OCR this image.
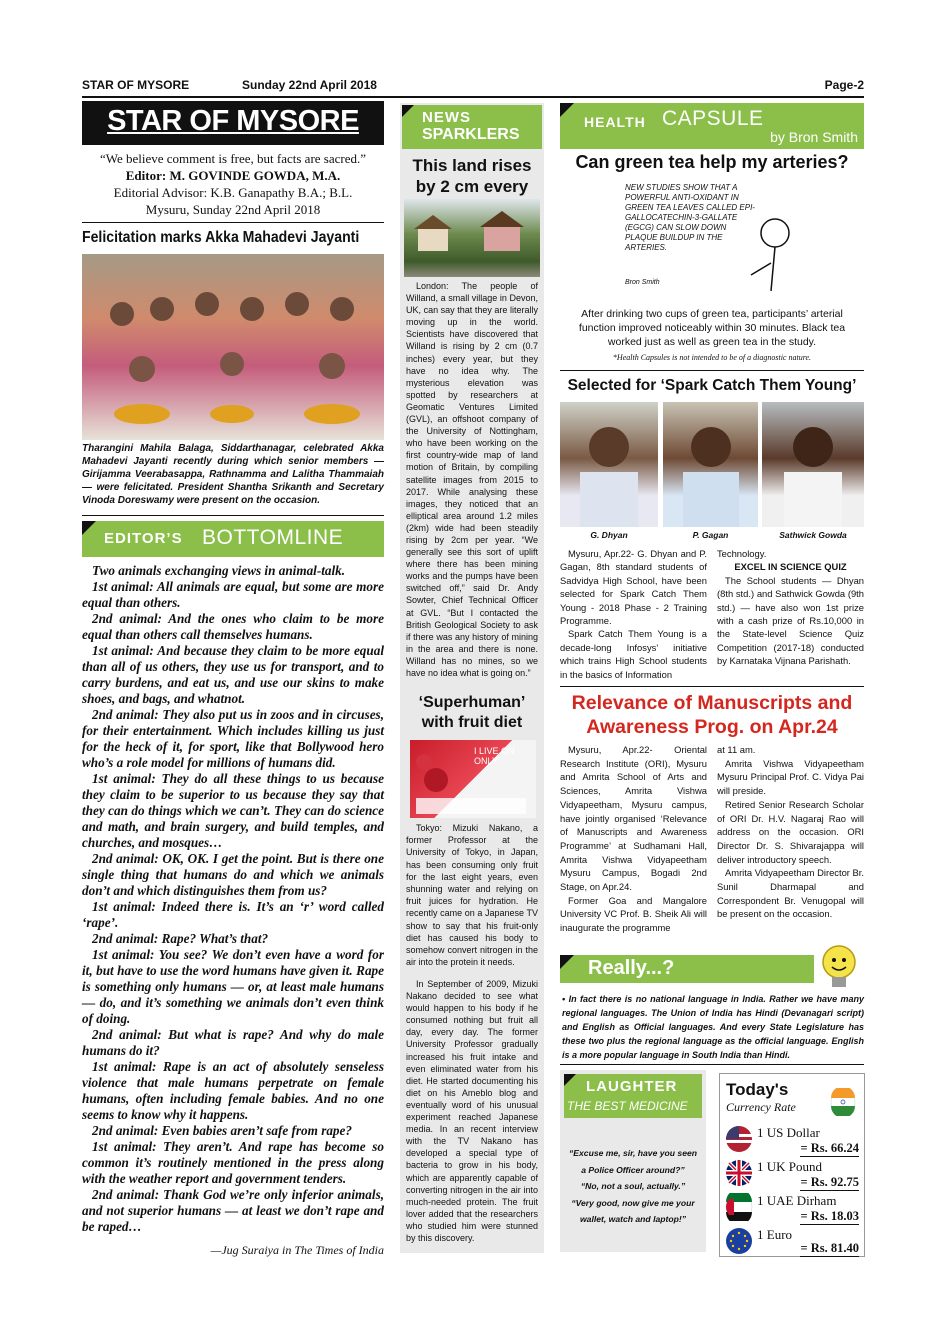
STAR OF MYSORE	Sunday 22nd April 2018	Page-2
STAR OF MYSORE

“We believe comment is free, but facts are sacred.”

Editor: M. GOVINDE GOWDA, M.A.

Editorial Advisor: K.B. Ganapathy B.A.; B.L.

Mysuru, Sunday 22nd April 2018

Felicitation marks Akka Mahadevi Jayanti
Tharangini Mahila Balaga, Siddarthanagar, celebrated Akka Mahadevi Jayanti recently during which senior members — Girijamma Veerabasappa, Rathnamma and Lalitha Thammaiah — were felicitated. President Shantha Srikanth and Secretary Vinoda Doreswamy were present on the occasion.
EDITOR’S BOTTOMLINE

Two animals exchanging views in animal-talk.

1st animal: All animals are equal, but some are more equal than others.

2nd animal: And the ones who claim to be more equal than others call themselves humans.

1st animal: And because they claim to be more equal than all of us others, they use us for transport, and to carry burdens, and eat us, and use our skins to make shoes, and bags, and whatnot.

2nd animal: They also put us in zoos and in circuses, for their entertainment. Which includes killing us just for the heck of it, for sport, like that Bollywood hero who’s a role model for millions of humans did.

1st animal: They do all these things to us because they claim to be superior to us because they say that they can do things which we can’t. They can do science and math, and brain surgery, and build temples, and churches, and mosques…

2nd animal: OK, OK. I get the point. But is there one single thing that humans do and which we animals don’t and which distinguishes them from us?

1st animal: Indeed there is. It’s an ‘r’ word called ‘rape’.

2nd animal: Rape? What’s that?

1st animal: You see? We don’t even have a word for it, but have to use the word humans have given it. Rape is something only humans — or, at least male humans — do, and it’s something we animals don’t even think of doing.

2nd animal: But what is rape? And why do male humans do it?

1st animal: Rape is an act of absolutely senseless violence that male humans perpetrate on female humans, often including female babies. And no one seems to know why it happens.

2nd animal: Even babies aren’t safe from rape?

1st animal: They aren’t. And rape has become so common it’s routinely mentioned in the press along with the weather report and government tenders.

2nd animal: Thank God we’re only inferior animals, and not superior humans — at least we don’t rape and be raped…

—Jug Suraiya in The Times of India
NEWS
SPARKLERS
This land rises by 2 cm every
London: The people of Willand, a small village in Devon, UK, can say that they are literally moving up in the world. Scientists have discovered that Willand is rising by 2 cm (0.7 inches) every year, but they have no idea why. The mysterious elevation was spotted by researchers at Geomatic Ventures Limited (GVL), an offshoot company of the University of Nottingham, who have been working on the first country-wide map of land motion of Britain, by compiling satellite images from 2015 to 2017. While analysing these images, they noticed that an elliptical area around 1.2 miles (2km) wide had been steadily rising by 2cm per year. “We generally see this sort of uplift where there has been mining works and the pumps have been switched off,” said Dr. Andy Sowter, Chief Technical Officer at GVL. “But I contacted the British Geological Society to ask if there was any history of mining in the area and there is none. Willand has no mines, so we have no idea what is going on.”
‘Superhuman’ with fruit diet
I LIVE ON ONLY
Tokyo: Mizuki Nakano, a former Professor at the University of Tokyo, in Japan, has been consuming only fruit for the last eight years, even shunning water and relying on fruit juices for hydration. He recently came on a Japanese TV show to say that his fruit-only diet has caused his body to somehow convert nitrogen in the air into the protein it needs.
In September of 2009, Mizuki Nakano decided to see what would happen to his body if he consumed nothing but fruit all day, every day. The former University Professor gradually increased his fruit intake and even eliminated water from his diet. He started documenting his diet on his Ameblo blog and eventually word of his unusual experiment reached Japanese media. In an recent interview with the TV Nakano has developed a special type of bacteria to grow in his body, which are apparently capable of converting nitrogen in the air into much-needed protein. The fruit lover added that the researchers who studied him were stunned by this discovery.
HEALTH CAPSULE
by Bron Smith
Can green tea help my arteries?
NEW STUDIES SHOW THAT A POWERFUL ANTI-OXIDANT IN GREEN TEA LEAVES CALLED EPI-GALLOCATECHIN-3-GALLATE (EGCG) CAN SLOW DOWN PLAQUE BUILDUP IN THE ARTERIES.
Bron Smith
After drinking two cups of green tea, participants’ arterial function improved noticeably within 30 minutes. Black tea worked just as well as green tea in the study.
*Health Capsules is not intended to be of a diagnostic nature.
Selected for ‘Spark Catch Them Young’
G. Dhyan	P. Gagan	Sathwick Gowda

Mysuru, Apr.22- G. Dhyan and P. Gagan, 8th standard students of Sadvidya High School, have been selected for Spark Catch Them Young - 2018 Phase - 2 Training Programme.

Spark Catch Them Young is a decade-long Infosys' initiative which trains High School students in the basics of Information

Technology.

EXCEL IN SCIENCE QUIZ

The School students — Dhyan (8th std.) and Sathwick Gowda (9th std.) — have also won 1st prize with a cash prize of Rs.10,000 in the State-level Science Quiz Competition (2017-18) conducted by Karnataka Vijnana Parishath.

Relevance of Manuscripts and

Awareness Prog. on Apr.24

Mysuru, Apr.22- Oriental Research Institute (ORI), Mysuru and Amrita School of Arts and Sciences, Amrita Vishwa Vidyapeetham, Mysuru campus, have jointly organised ‘Relevance of Manuscripts and Awareness Programme’ at Sudhamani Hall, Amrita Vishwa Vidyapeetham Mysuru Campus, Bogadi 2nd Stage, on Apr.24.

Former Goa and Mangalore University VC Prof. B. Sheik Ali will inaugurate the programme

at 11 am.

Amrita Vishwa Vidyapeetham Mysuru Principal Prof. C. Vidya Pai will preside.

Retired Senior Research Scholar of ORI Dr. H.V. Nagaraj Rao will address on the occasion. ORI Director Dr. S. Shivarajappa will deliver introductory speech.

Amrita Vidyapeetham Director Br. Sunil Dharmapal and Correspondent Br. Venugopal will be present on the occasion.

Really...?
• In fact there is no national language in India. Rather we have many regional languages. The Union of India has Hindi (Devanagari script) and English as Official languages. And every State Legislature has these two plus the regional language as the official language. English is a more popular language in South India than Hindi.
LAUGHTER
THE BEST MEDICINE

“Excuse me, sir, have you seen a Police Officer around?”

“No, not a soul, actually.”

“Very good, now give me your wallet, watch and laptop!”

Today's
Currency Rate
1 US Dollar
= Rs. 66.24
1 UK Pound
= Rs. 92.75
1 UAE Dirham
= Rs. 18.03
1 Euro
= Rs. 81.40
